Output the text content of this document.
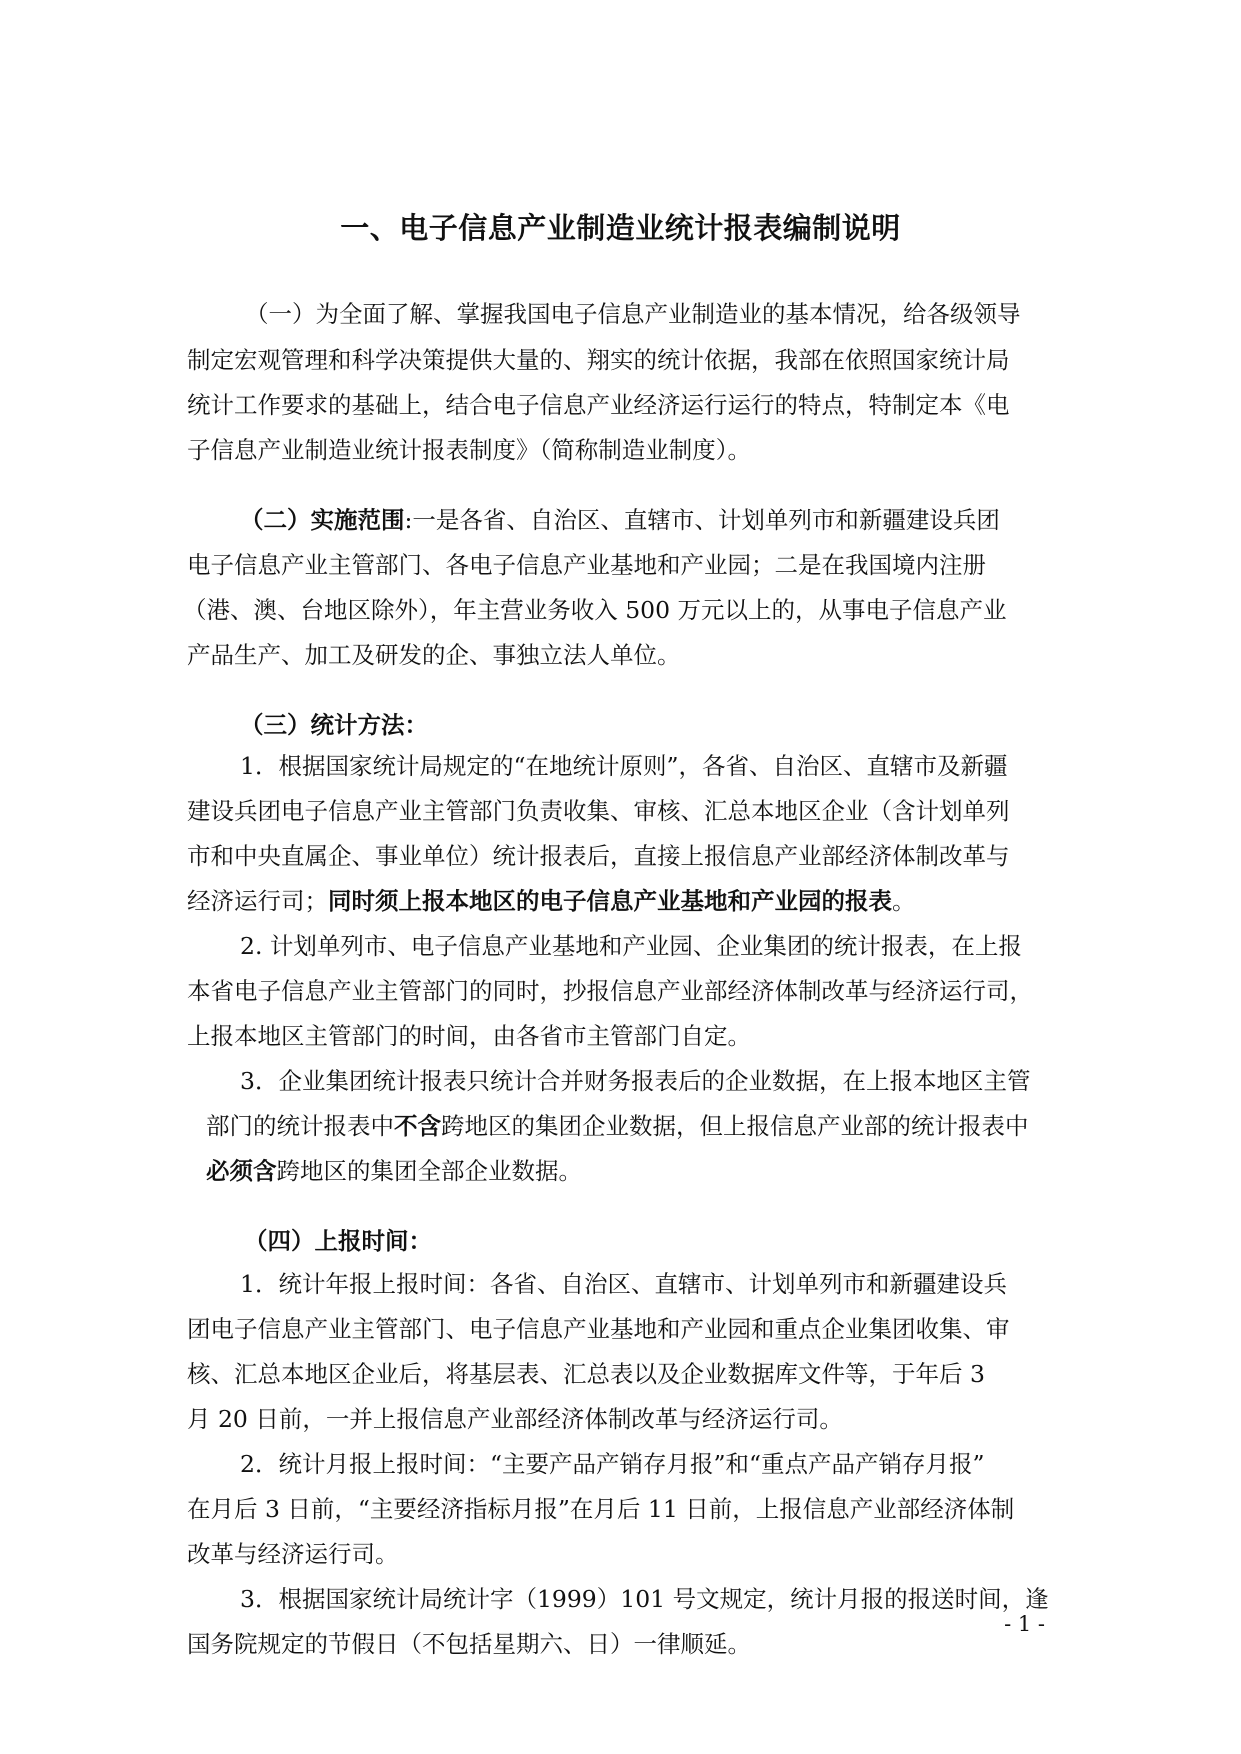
一、电子信息产业制造业统计报表编制说明
（一）为全面了解、掌握我国电子信息产业制造业的基本情况，给各级领导
制定宏观管理和科学决策提供大量的、翔实的统计依据，我部在依照国家统计局
统计工作要求的基础上，结合电子信息产业经济运行运行的特点，特制定本《电
子信息产业制造业统计报表制度》（简称制造业制度）。
（二）实施范围:一是各省、自治区、直辖市、计划单列市和新疆建设兵团
电子信息产业主管部门、各电子信息产业基地和产业园；二是在我国境内注册
（港、澳、台地区除外），年主营业务收入 500 万元以上的，从事电子信息产业
产品生产、加工及研发的企、事独立法人单位。
（三）统计方法：
1．根据国家统计局规定的“在地统计原则”，各省、自治区、直辖市及新疆
建设兵团电子信息产业主管部门负责收集、审核、汇总本地区企业（含计划单列
市和中央直属企、事业单位）统计报表后，直接上报信息产业部经济体制改革与
经济运行司；同时须上报本地区的电子信息产业基地和产业园的报表。
2. 计划单列市、电子信息产业基地和产业园、企业集团的统计报表，在上报
本省电子信息产业主管部门的同时，抄报信息产业部经济体制改革与经济运行司，
上报本地区主管部门的时间，由各省市主管部门自定。
3．企业集团统计报表只统计合并财务报表后的企业数据，在上报本地区主管
部门的统计报表中不含跨地区的集团企业数据，但上报信息产业部的统计报表中
必须含跨地区的集团全部企业数据。
（四）上报时间：
1．统计年报上报时间：各省、自治区、直辖市、计划单列市和新疆建设兵
团电子信息产业主管部门、电子信息产业基地和产业园和重点企业集团收集、审
核、汇总本地区企业后，将基层表、汇总表以及企业数据库文件等，于年后 3
月 20 日前，一并上报信息产业部经济体制改革与经济运行司。
2．统计月报上报时间：“主要产品产销存月报”和“重点产品产销存月报”
在月后 3 日前，“主要经济指标月报”在月后 11 日前，上报信息产业部经济体制
改革与经济运行司。
3．根据国家统计局统计字（1999）101 号文规定，统计月报的报送时间，逢
国务院规定的节假日（不包括星期六、日）一律顺延。
- 1 -
